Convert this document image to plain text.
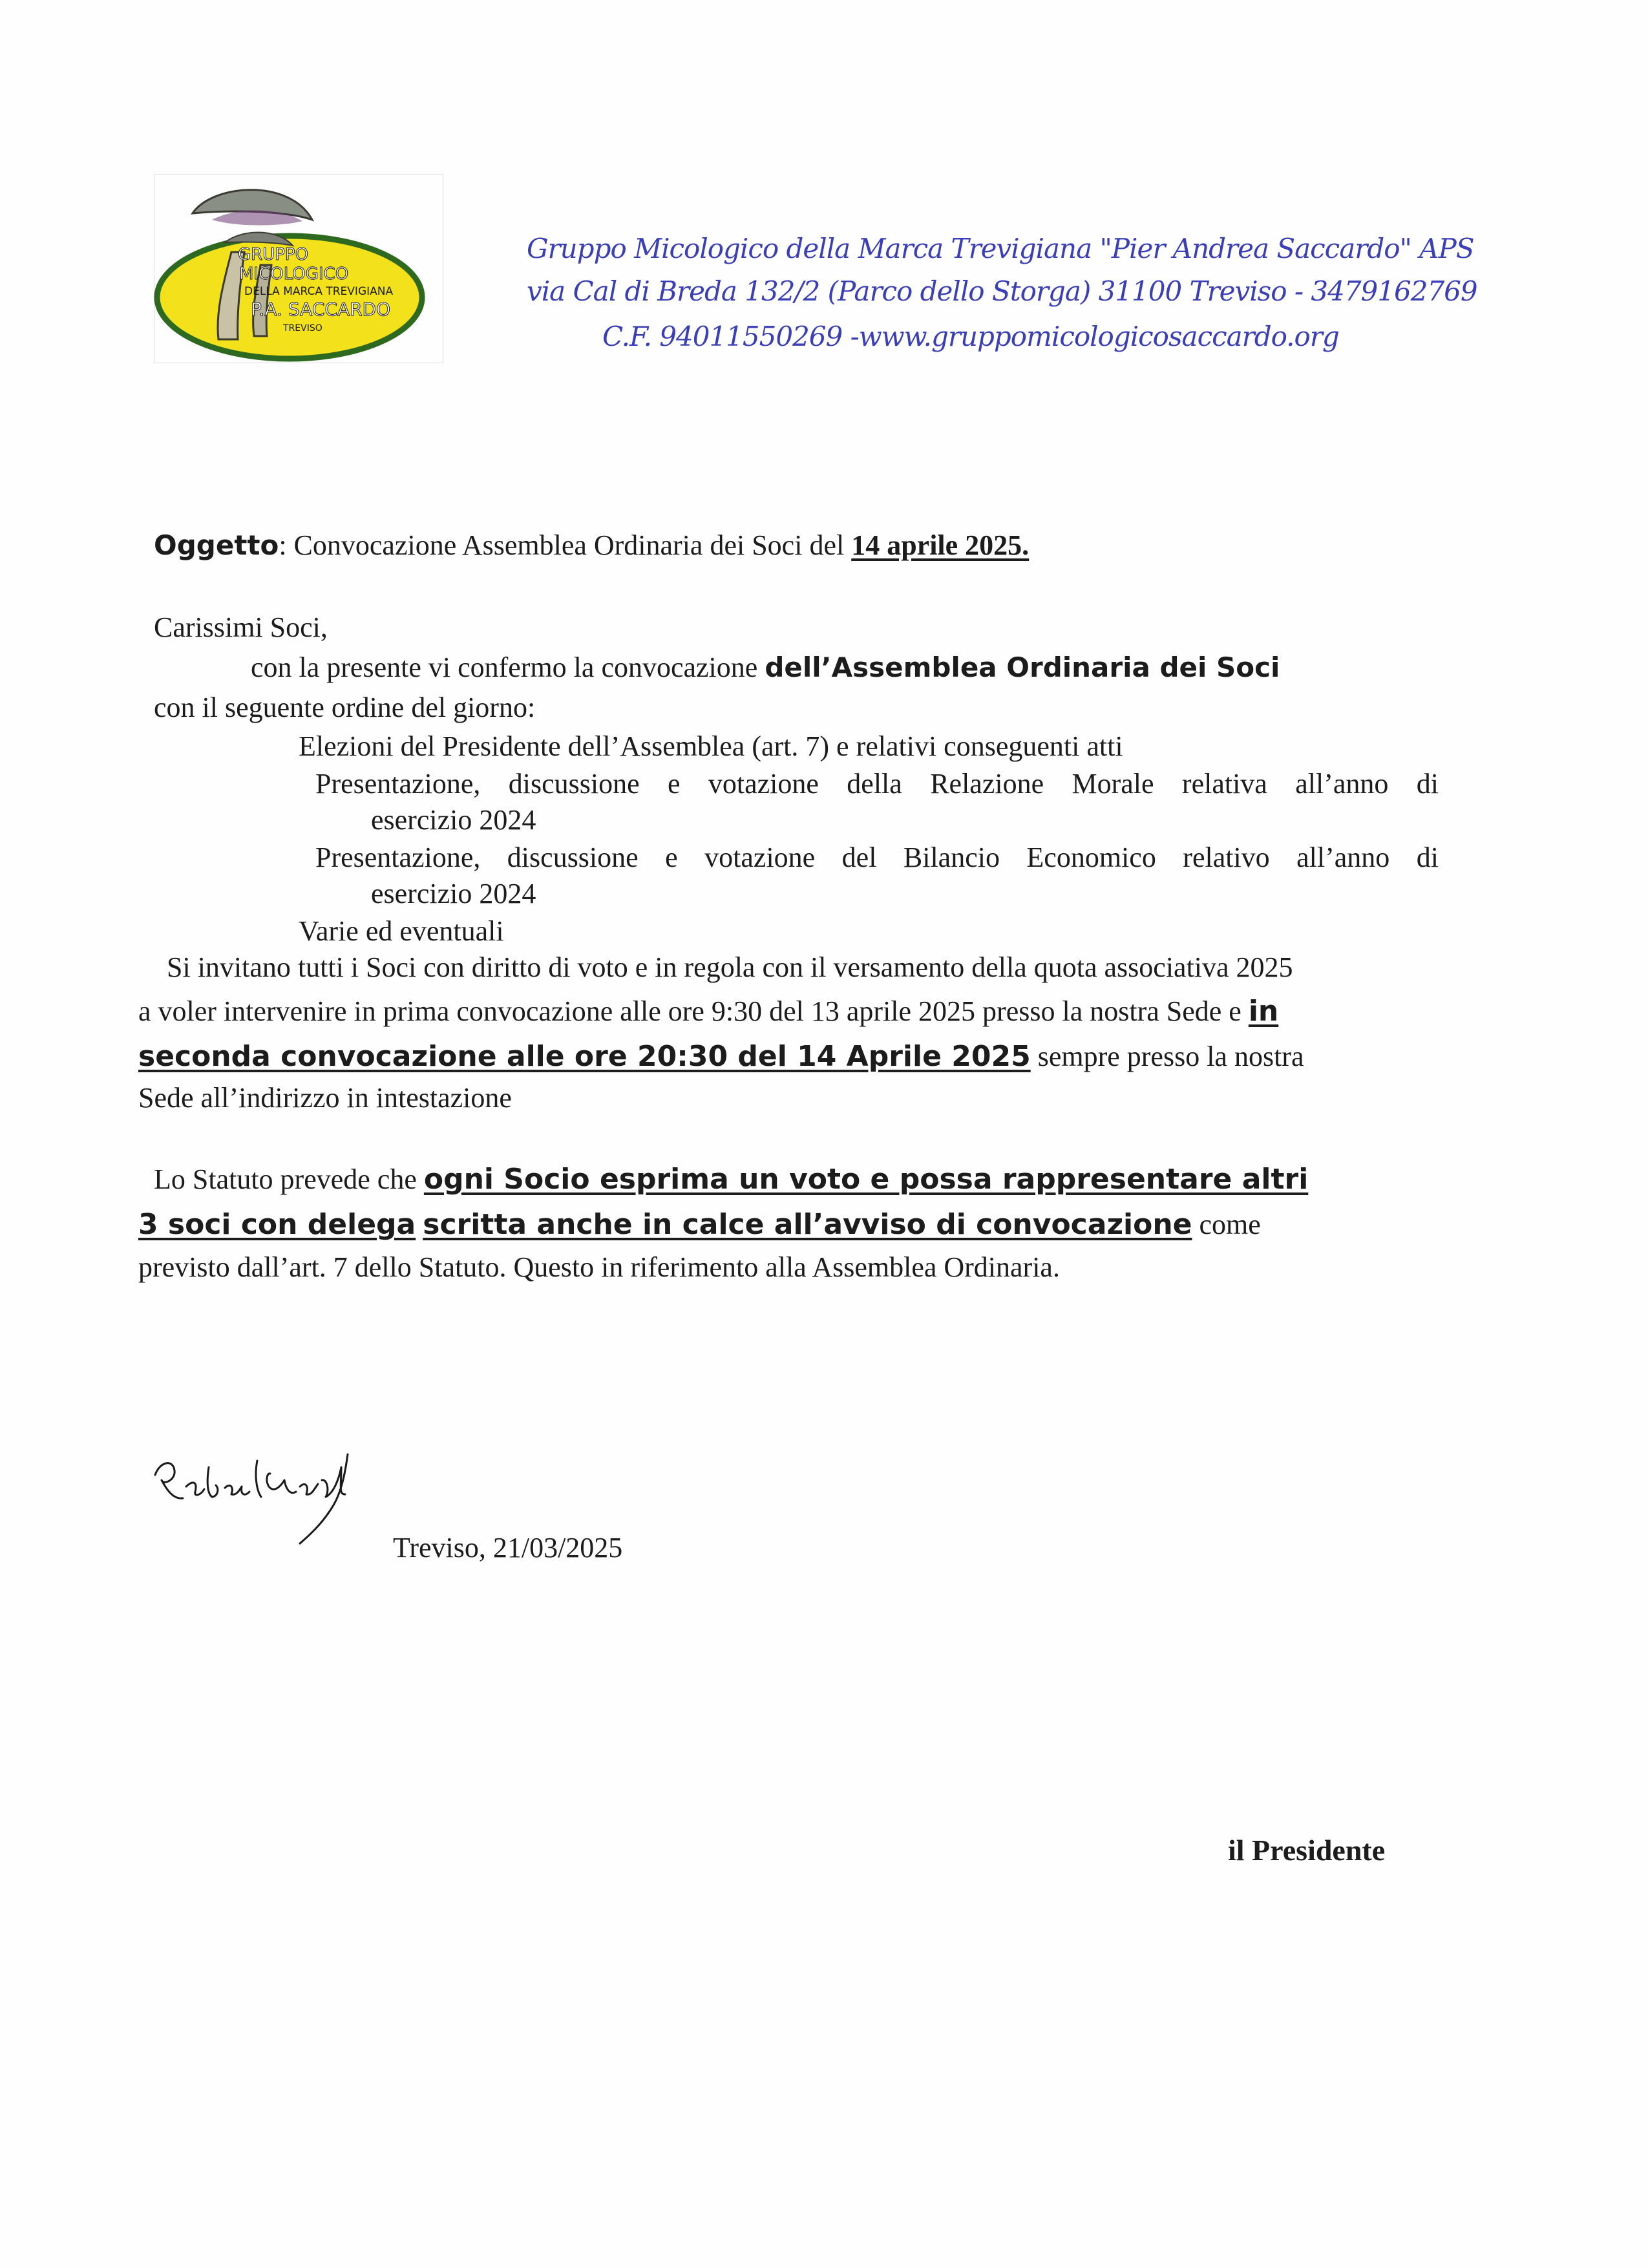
GRUPPO
MICOLOGICO
DELLA MARCA TREVIGIANA
P.A. SACCARDO
TREVISO
Gruppo Micologico della Marca Trevigiana "Pier Andrea Saccardo" APS
via Cal di Breda 132/2 (Parco dello Storga) 31100 Treviso - 3479162769
C.F. 94011550269 -www.gruppomicologicosaccardo.org
Oggetto: Convocazione Assemblea Ordinaria dei Soci del 14 aprile 2025.
Carissimi Soci,
con la presente vi confermo la convocazione dell’Assemblea Ordinaria dei Soci
con il seguente ordine del giorno:
Elezioni del Presidente dell’Assemblea (art. 7) e relativi conseguenti atti
Presentazione, discussione e votazione della Relazione Morale relativa all’anno di
esercizio 2024
Presentazione, discussione e votazione del Bilancio Economico relativo all’anno di
esercizio 2024
Varie ed eventuali
Si invitano tutti i Soci con diritto di voto e in regola con il versamento della quota associativa 2025
a voler intervenire in prima convocazione alle ore 9:30 del 13 aprile 2025 presso la nostra Sede e in
seconda convocazione alle ore 20:30 del 14 Aprile 2025 sempre presso la nostra
Sede all’indirizzo in intestazione
Lo Statuto prevede che ogni Socio esprima un voto e possa rappresentare altri
3 soci con delega scritta anche in calce all’avviso di convocazione come
previsto dall’art. 7 dello Statuto. Questo in riferimento alla Assemblea Ordinaria.
Treviso, 21/03/2025
il Presidente
